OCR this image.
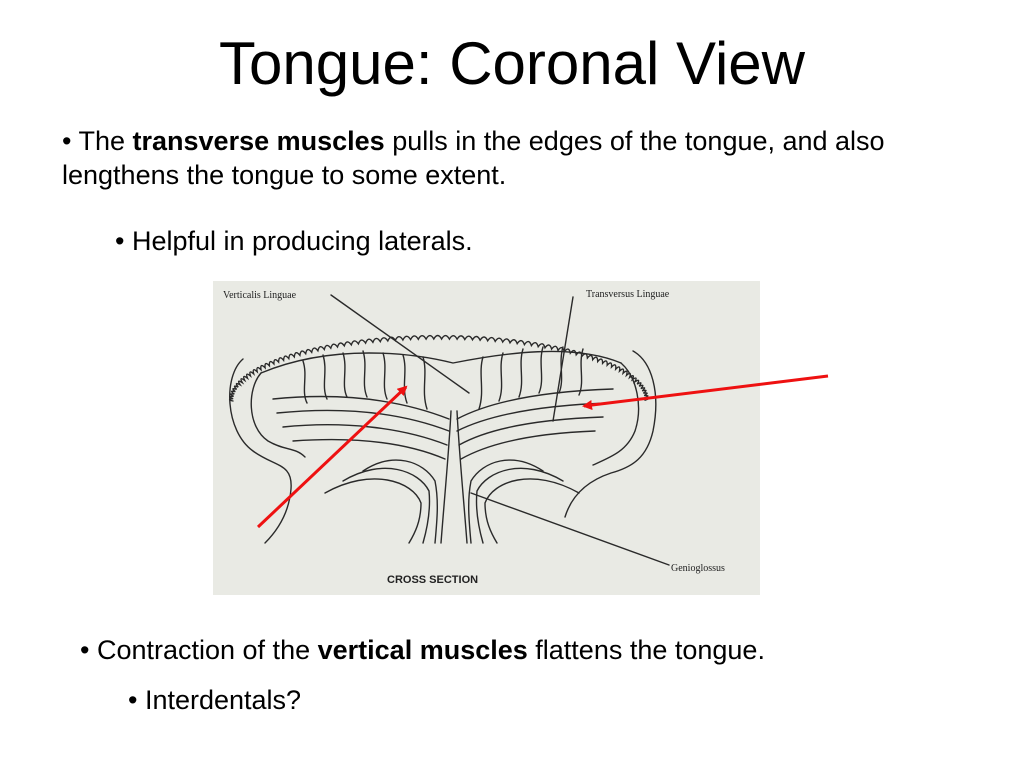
Tongue: Coronal View
• The transverse muscles pulls in the edges of the tongue, and also lengthens the tongue to some extent.
• Helpful in producing laterals.
Verticalis Linguae	Transversus Linguae
Genioglossus
CROSS SECTION
• Contraction of the vertical muscles flattens the tongue.
• Interdentals?
